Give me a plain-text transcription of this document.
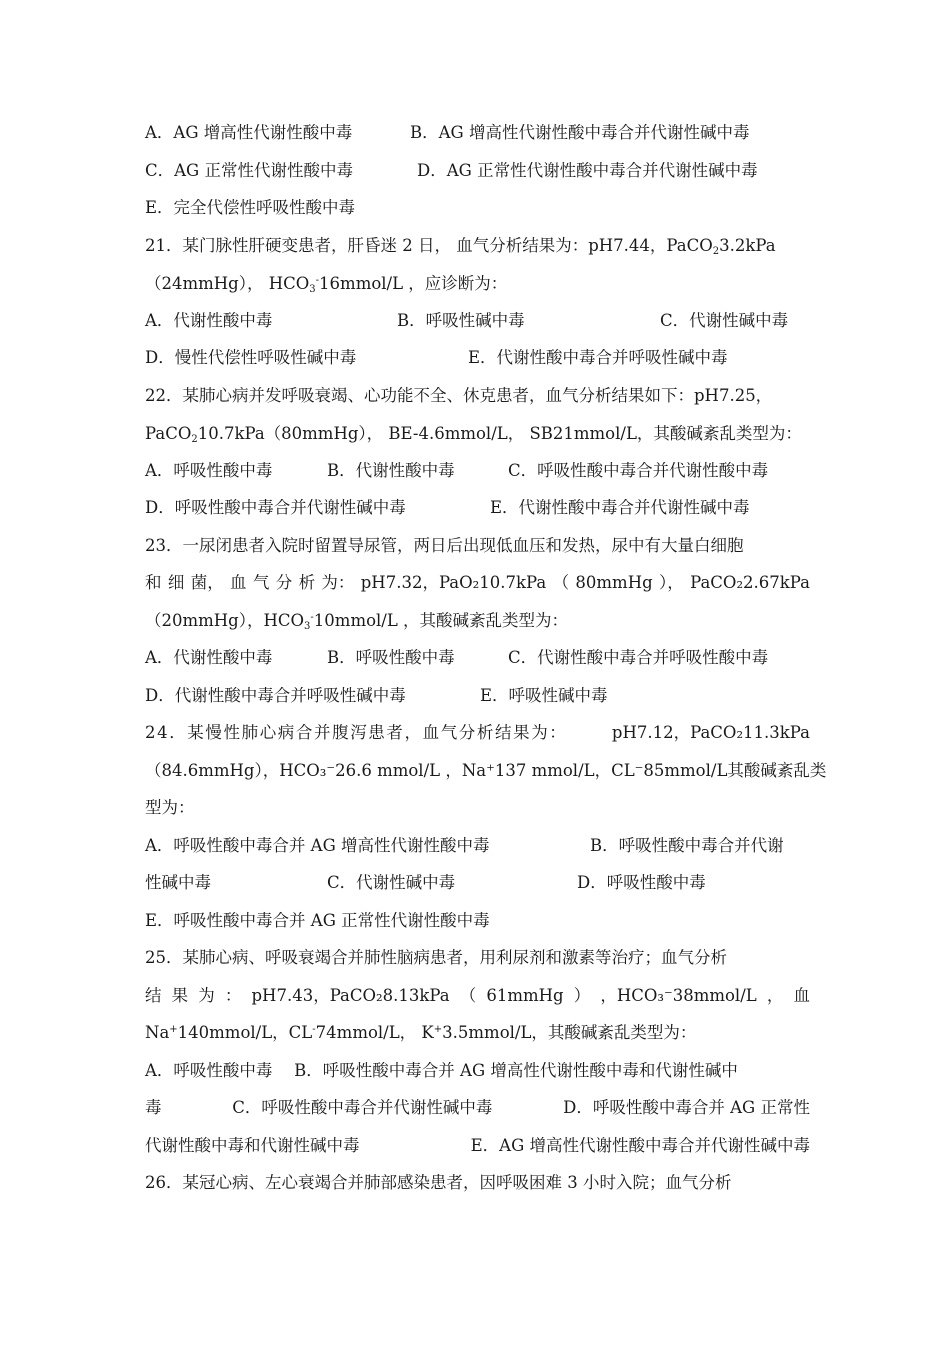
A．AG 增高性代谢性酸中毒	B．AG 增高性代谢性酸中毒合并代谢性碱中毒
C．AG 正常性代谢性酸中毒	D．AG 正常性代谢性酸中毒合并代谢性碱中毒
E．完全代偿性呼吸性酸中毒
21．某门脉性肝硬变患者，肝昏迷 2 日， 血气分析结果为：pH7.44，PaCO$_2$3.2kPa
（24mmHg）， $HCO_3^-16mmol/L$ ，应诊断为：
A．代谢性酸中毒	B．呼吸性碱中毒	C．代谢性碱中毒
D．慢性代偿性呼吸性碱中毒	E．代谢性酸中毒合并呼吸性碱中毒
22．某肺心病并发呼吸衰竭、心功能不全、休克患者，血气分析结果如下：pH7.25，
PaCO$_2$10.7kPa（80mmHg）， BE-4.6mmol/L， SB21mmol/L，其酸碱紊乱类型为：
A．呼吸性酸中毒	B．代谢性酸中毒	C．呼吸性酸中毒合并代谢性酸中毒
D．呼吸性酸中毒合并代谢性碱中毒	E．代谢性酸中毒合并代谢性碱中毒
23．一尿闭患者入院时留置导尿管，两日后出现低血压和发热，尿中有大量白细胞
和 细 菌， 血 气 分 析 为： pH7.32，PaO₂10.7kPa （ 80mmHg ）， PaCO₂2.67kPa
（20mmHg），$HCO_3^-10mmol/L$ ，其酸碱紊乱类型为：
A．代谢性酸中毒	B．呼吸性酸中毒	C．代谢性酸中毒合并呼吸性酸中毒
D．代谢性酸中毒合并呼吸性碱中毒	E．呼吸性碱中毒
24．某慢性肺心病合并腹泻患者，血气分析结果为：	pH7.12，PaCO₂11.3kPa
（84.6mmHg），HCO₃⁻26.6 mmol/L ， Na⁺137 mmol/L， CL⁻85mmol/L 其酸碱紊乱类
型为：
A．呼吸性酸中毒合并 AG 增高性代谢性酸中毒	B．呼吸性酸中毒合并代谢
性碱中毒	C．代谢性碱中毒	D．呼吸性酸中毒
E．呼吸性酸中毒合并 AG 正常性代谢性酸中毒
25．某肺心病、呼吸衰竭合并肺性脑病患者，用利尿剂和激素等治疗；血气分析
结 果 为 ： pH7.43，PaCO₂8.13kPa （ 61mmHg ） ，HCO₃⁻38mmol/L ， 血
Na+140mmol/L，CL-74mmol/L， K+3.5mmol/L，其酸碱紊乱类型为：
A．呼吸性酸中毒　 B．呼吸性酸中毒合并 AG 增高性代谢性酸中毒和代谢性碱中
毒	C．呼吸性酸中毒合并代谢性碱中毒	D．呼吸性酸中毒合并 AG 正常性
代谢性酸中毒和代谢性碱中毒	E．AG 增高性代谢性酸中毒合并代谢性碱中毒
26．某冠心病、左心衰竭合并肺部感染患者，因呼吸困难 3 小时入院；血气分析
